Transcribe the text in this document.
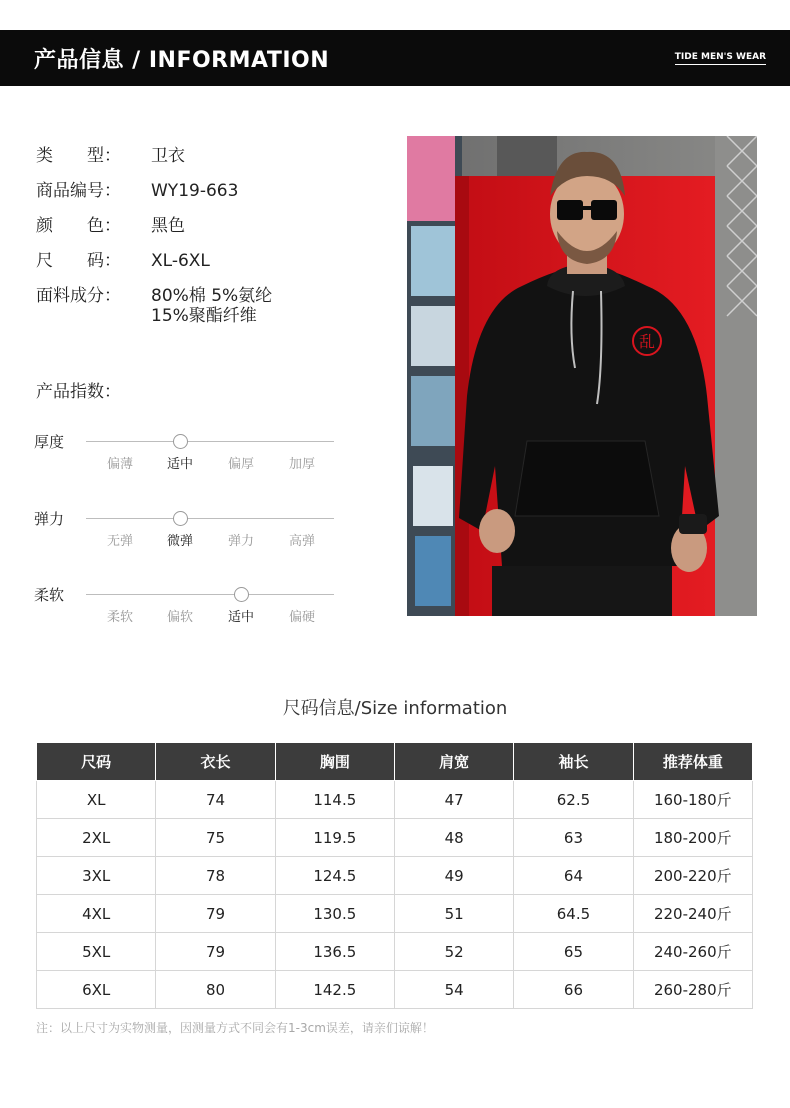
产品信息 / INFORMATION	TIDE MEN'S WEAR
类　　型：	卫衣
商品编号：	WY19-663
颜　　色：	黑色
尺　　码：	XL-6XL
面料成分：	80%棉 5%氨纶
15%聚酯纤维
产品指数：
厚度
偏薄	适中	偏厚	加厚
弹力
无弹	微弹	弹力	高弹
柔软
柔软	偏软	适中	偏硬
乱
尺码信息/Size information
尺码	衣长	胸围	肩宽	袖长	推荐体重
XL	74	114.5	47	62.5	160-180斤
2XL	75	119.5	48	63	180-200斤
3XL	78	124.5	49	64	200-220斤
4XL	79	130.5	51	64.5	220-240斤
5XL	79	136.5	52	65	240-260斤
6XL	80	142.5	54	66	260-280斤
注：以上尺寸为实物测量，因测量方式不同会有1-3cm误差，请亲们谅解！
